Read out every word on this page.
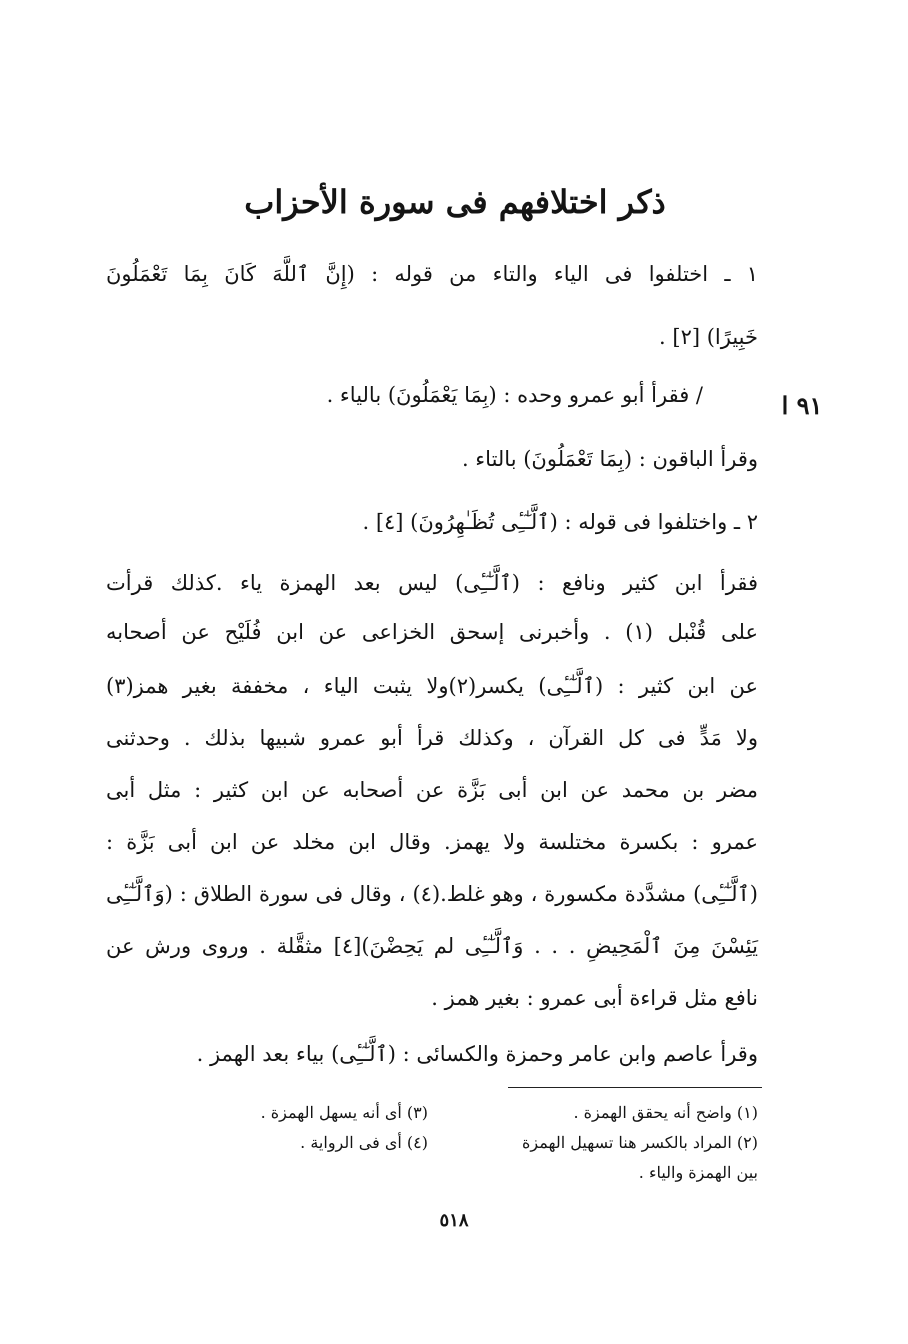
ذكر اختلافهم فى سورة الأحزاب
٩١ ا
١ ـ اختلفوا فى الياء والتاء من قوله : (إِنَّ ٱللَّهَ كَانَ بِمَا تَعْمَلُونَ
خَبِيرًا) [٢] .
/ فقرأ أبو عمرو وحده : (بِمَا يَعْمَلُونَ) بالياء .
وقرأ الباقون : (بِمَا تَعْمَلُونَ) بالتاء .
٢ ـ واختلفوا فى قوله : (ٱلَّـٰٓـِٔى تُظَـٰهِرُونَ) [٤] .
فقرأ ابن كثير ونافع : (ٱلَّـٰٓـِٔى) ليس بعد الهمزة ياء .كذلك قرأت
على قُنْبل (١) . وأخبرنى إسحق الخزاعى عن ابن فُلَيْح عن أصحابه
عن ابن كثير : (ٱلَّـٰٓـِٔى) يكسر(٢)ولا يثبت الياء ، مخففة بغير همز(٣)
ولا مَدٍّ فى كل القرآن ، وكذلك قرأ أبو عمرو شبيها بذلك . وحدثنى
مضر بن محمد عن ابن أبى بَزَّة عن أصحابه عن ابن كثير : مثل أبى
عمرو : بكسرة مختلسة ولا يهمز. وقال ابن مخلد عن ابن أبى بَزَّة :
(ٱلَّـٰٓـِٔى) مشدَّدة مكسورة ، وهو غلط.(٤) ، وقال فى سورة الطلاق : (وَٱلَّـٰٓـِٔى
يَئِسْنَ مِنَ ٱلْمَحِيضِ . . . وَٱلَّـٰٓـِٔى لم يَحِضْنَ)[٤] مثقَّلة . وروى ورش عن
نافع مثل قراءة أبى عمرو : بغير همز .
وقرأ عاصم وابن عامر وحمزة والكسائى : (ٱلَّـٰٓـِٔى) بياء بعد الهمز .
(١) واضح أنه يحقق الهمزة .
(٣) أى أنه يسهل الهمزة .
(٢) المراد بالكسر هنا تسهيل الهمزة
(٤) أى فى الرواية .
بين الهمزة والياء .
٥١٨
